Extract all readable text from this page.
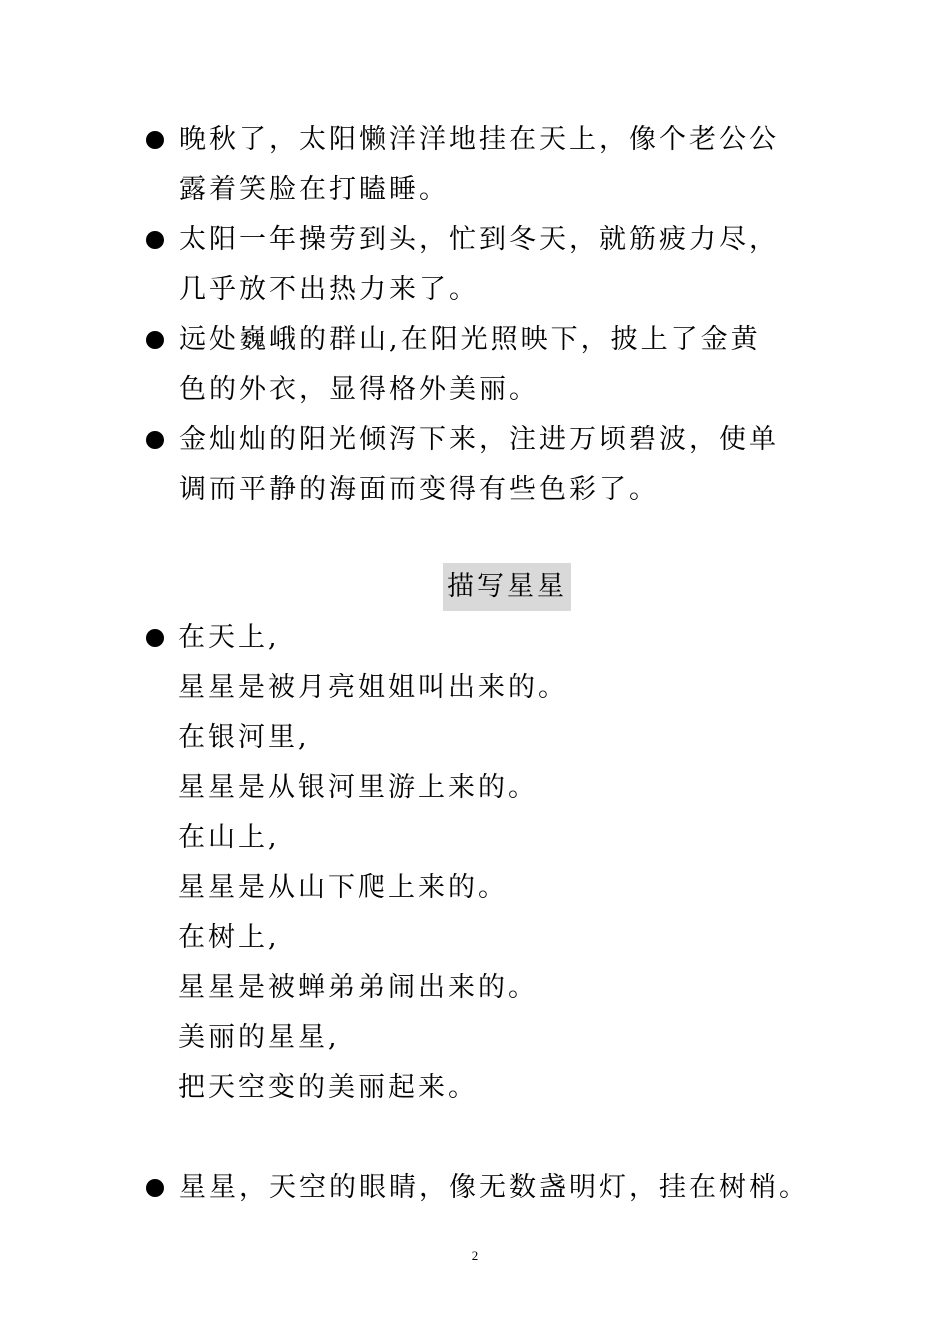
晚秋了，太阳懒洋洋地挂在天上，像个老公公
露着笑脸在打瞌睡。
太阳一年操劳到头，忙到冬天，就筋疲力尽，
几乎放不出热力来了。
远处巍峨的群山,在阳光照映下，披上了金黄
色的外衣，显得格外美丽。
金灿灿的阳光倾泻下来，注进万顷碧波，使单
调而平静的海面而变得有些色彩了。
描写星星
在天上,
星星是被月亮姐姐叫出来的。
在银河里,
星星是从银河里游上来的。
在山上,
星星是从山下爬上来的。
在树上,
星星是被蝉弟弟闹出来的。
美丽的星星,
把天空变的美丽起来。
星星，天空的眼睛，像无数盏明灯，挂在树梢。
2
